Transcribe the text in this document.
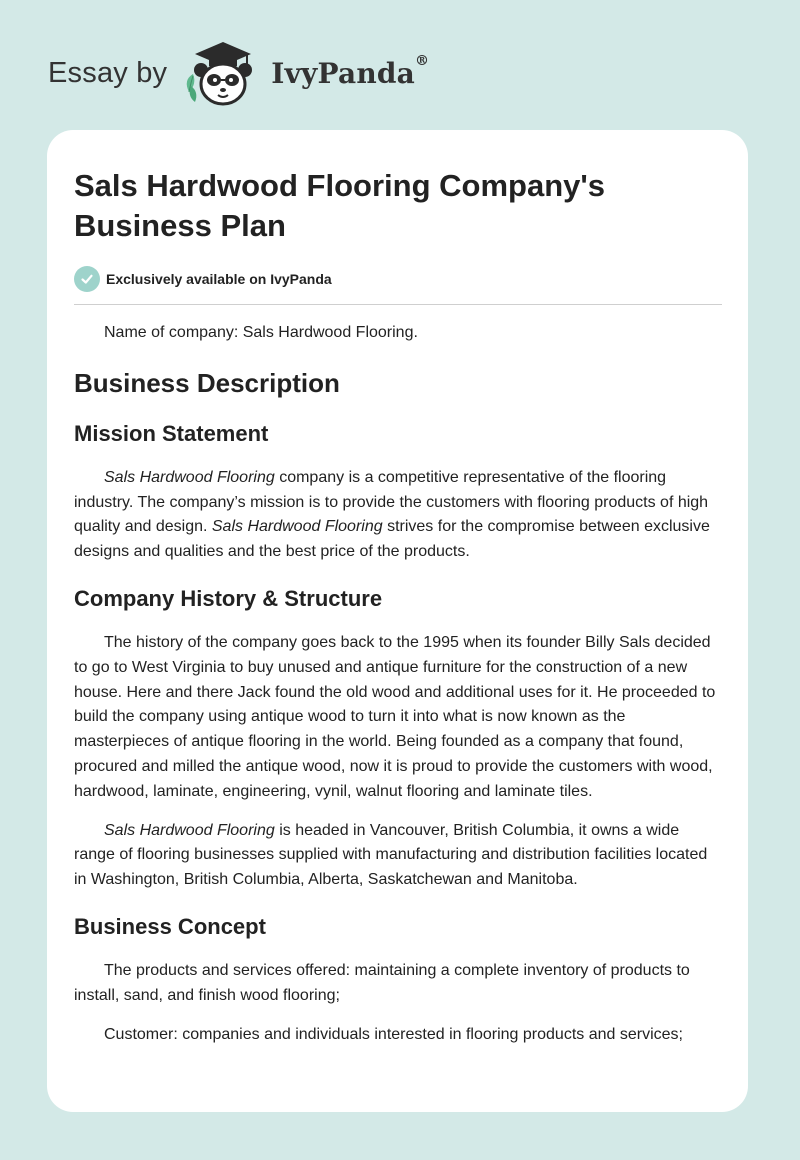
Essay by	IvyPanda®
Sals Hardwood Flooring Company's Business Plan
Exclusively available on IvyPanda

Name of company: Sals Hardwood Flooring.

Business Description
Mission Statement

Sals Hardwood Flooring company is a competitive representative of the flooring industry. The company’s mission is to provide the customers with flooring products of high quality and design. Sals Hardwood Flooring strives for the compromise between exclusive designs and qualities and the best price of the products.

Company History & Structure

The history of the company goes back to the 1995 when its founder Billy Sals decided to go to West Virginia to buy unused and antique furniture for the construction of a new house. Here and there Jack found the old wood and additional uses for it. He proceeded to build the company using antique wood to turn it into what is now known as the masterpieces of antique flooring in the world. Being founded as a company that found, procured and milled the antique wood, now it is proud to provide the customers with wood, hardwood, laminate, engineering, vynil, walnut flooring and laminate tiles.

Sals Hardwood Flooring is headed in Vancouver, British Columbia, it owns a wide range of flooring businesses supplied with manufacturing and distribution facilities located in Washington, British Columbia, Alberta, Saskatchewan and Manitoba.

Business Concept

The products and services offered: maintaining a complete inventory of products to install, sand, and finish wood flooring;

Customer: companies and individuals interested in flooring products and services;
